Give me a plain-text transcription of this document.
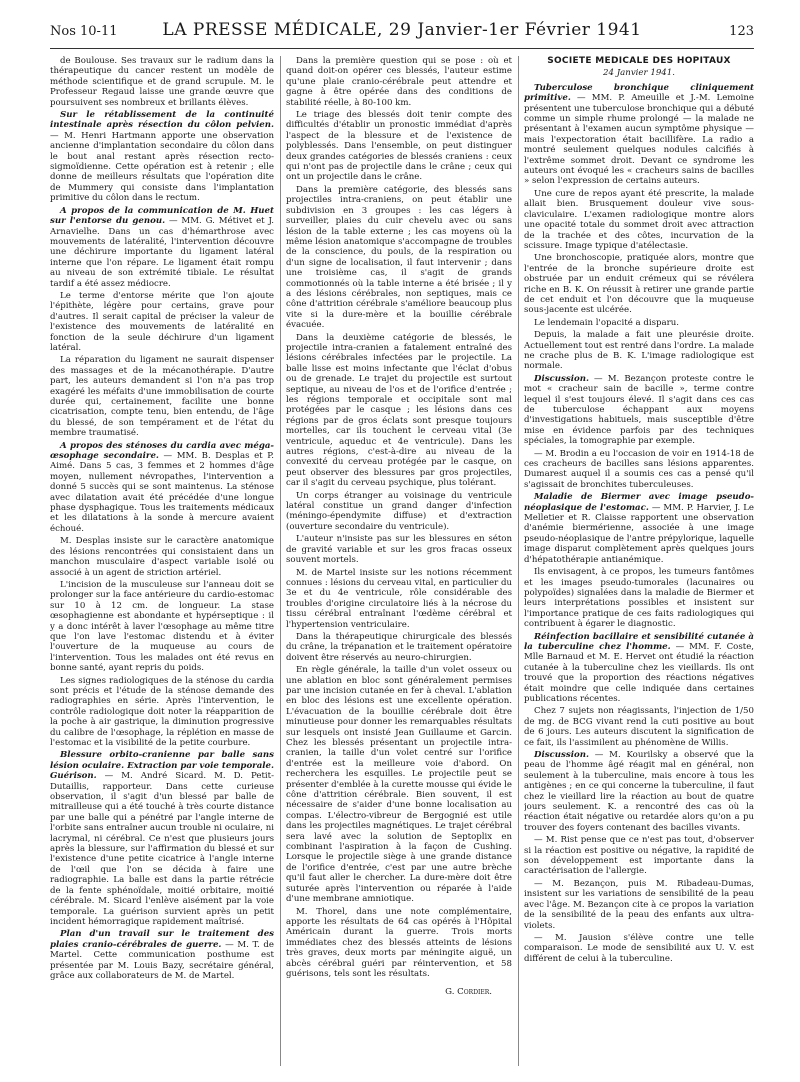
Nos 10-11	LA PRESSE MÉDICALE, 29 Janvier-1er Février 1941	123

de Boulouse. Ses travaux sur le radium dans la thérapeutique du cancer restent un modèle de méthode scientifique et de grand scrupule. M. le Professeur Regaud laisse une grande œuvre que poursuivent ses nombreux et brillants élèves.

Sur le rétablissement de la continuité intestinale après résection du côlon pelvien. — M. Henri Hartmann apporte une observation ancienne d'implantation secondaire du côlon dans le bout anal restant après résection recto-sigmoïdienne. Cette opération est à retenir ; elle donne de meilleurs résultats que l'opération dite de Mummery qui consiste dans l'implantation primitive du côlon dans le rectum.

A propos de la communication de M. Huet sur l'entorse du genou. — MM. G. Métivet et J. Arnavielhe. Dans un cas d'hémarthrose avec mouvements de latéralité, l'intervention découvre une déchirure importante du ligament latéral interne que l'on répare. Le ligament était rompu au niveau de son extrémité tibiale. Le résultat tardif a été assez médiocre.

Le terme d'entorse mérite que l'on ajoute l'épithète, légère pour certains, grave pour d'autres. Il serait capital de préciser la valeur de l'existence des mouvements de latéralité en fonction de la seule déchirure d'un ligament latéral.

La réparation du ligament ne saurait dispenser des massages et de la mécanothérapie. D'autre part, les auteurs demandent si l'on n'a pas trop exagéré les méfaits d'une immobilisation de courte durée qui, certainement, facilite une bonne cicatrisation, compte tenu, bien entendu, de l'âge du blessé, de son tempérament et de l'état du membre traumatisé.

A propos des sténoses du cardia avec méga-œsophage secondaire. — MM. B. Desplas et P. Aimé. Dans 5 cas, 3 femmes et 2 hommes d'âge moyen, nullement névropathes, l'intervention a donné 5 succès qui se sont maintenus. La sténose avec dilatation avait été précédée d'une longue phase dysphagique. Tous les traitements médicaux et les dilatations à la sonde à mercure avaient échoué.

M. Desplas insiste sur le caractère anatomique des lésions rencontrées qui consistaient dans un manchon musculaire d'aspect variable isolé ou associé à un agent de striction artériel.

L'incision de la musculeuse sur l'anneau doit se prolonger sur la face antérieure du cardio-estomac sur 10 à 12 cm. de longueur. La stase œsophagienne est abondante et hypérseptique : il y a donc intérêt à laver l'œsophage au même titre que l'on lave l'estomac distendu et à éviter l'ouverture de la muqueuse au cours de l'intervention. Tous les malades ont été revus en bonne santé, ayant repris du poids.

Les signes radiologiques de la sténose du cardia sont précis et l'étude de la sténose demande des radiographies en série. Après l'intervention, le contrôle radiologique doit noter la réapparition de la poche à air gastrique, la diminution progressive du calibre de l'œsophage, la réplétion en masse de l'estomac et la visibilité de la petite courbure.

Blessure orbito-cranienne par balle sans lésion oculaire. Extraction par voie temporale. Guérison. — M. André Sicard. M. D. Petit-Dutaillis, rapporteur. Dans cette curieuse observation, il s'agit d'un blessé par balle de mitrailleuse qui a été touché à très courte distance par une balle qui a pénétré par l'angle interne de l'orbite sans entraîner aucun trouble ni oculaire, ni lacrymal, ni cérébral. Ce n'est que plusieurs jours après la blessure, sur l'affirmation du blessé et sur l'existence d'une petite cicatrice à l'angle interne de l'œil que l'on se décida à faire une radiographie. La balle est dans la partie rétrécie de la fente sphénoïdale, moitié orbitaire, moitié cérébrale. M. Sicard l'enlève aisément par la voie temporale. La guérison survient après un petit incident hémorragique rapidement maîtrisé.

Plan d'un travail sur le traitement des plaies cranio-cérébrales de guerre. — M. T. de Martel. Cette communication posthume est présentée par M. Louis Bazy, secrétaire général, grâce aux collaborateurs de M. de Martel.

Dans la première question qui se pose : où et quand doit-on opérer ces blessés, l'auteur estime qu'une plaie cranio-cérébrale peut attendre et gagne à être opérée dans des conditions de stabilité réelle, à 80-100 km.

Le triage des blessés doit tenir compte des difficultés d'établir un pronostic immédiat d'après l'aspect de la blessure et de l'existence de polyblessés. Dans l'ensemble, on peut distinguer deux grandes catégories de blessés craniens : ceux qui n'ont pas de projectile dans le crâne ; ceux qui ont un projectile dans le crâne.

Dans la première catégorie, des blessés sans projectiles intra-craniens, on peut établir une subdivision en 3 groupes : les cas légers à surveiller, plaies du cuir chevelu avec ou sans lésion de la table externe ; les cas moyens où la même lésion anatomique s'accompagne de troubles de la conscience, du pouls, de la respiration ou d'un signe de localisation, il faut intervenir ; dans une troisième cas, il s'agit de grands commotionnés où la table interne a été brisée ; il y a des lésions cérébrales, non septiques, mais ce cône d'attrition cérébrale s'améliore beaucoup plus vite si la dure-mère et la bouillie cérébrale évacuée.

Dans la deuxième catégorie de blessés, le projectile intra-cranien a fatalement entraîné des lésions cérébrales infectées par le projectile. La balle lisse est moins infectante que l'éclat d'obus ou de grenade. Le trajet du projectile est surtout septique, au niveau de l'os et de l'orifice d'entrée ; les régions temporale et occipitale sont mal protégées par le casque ; les lésions dans ces régions par de gros éclats sont presque toujours mortelles, car ils touchent le cerveau vital (3e ventricule, aqueduc et 4e ventricule). Dans les autres régions, c'est-à-dire au niveau de la convexité du cerveau protégée par le casque, on peut observer des blessures par gros projectiles, car il s'agit du cerveau psychique, plus tolérant.

Un corps étranger au voisinage du ventricule latéral constitue un grand danger d'infection (méningo-épendymite diffuse) et d'extraction (ouverture secondaire du ventricule).

L'auteur n'insiste pas sur les blessures en séton de gravité variable et sur les gros fracas osseux souvent mortels.

M. de Martel insiste sur les notions récemment connues : lésions du cerveau vital, en particulier du 3e et du 4e ventricule, rôle considérable des troubles d'origine circulatoire liés à la nécrose du tissu cérébral entraînant l'œdème cérébral et l'hypertension ventriculaire.

Dans la thérapeutique chirurgicale des blessés du crâne, la trépanation et le traitement opératoire doivent être réservés au neuro-chirurgien.

En règle générale, la taille d'un volet osseux ou une ablation en bloc sont généralement permises par une incision cutanée en fer à cheval. L'ablation en bloc des lésions est une excellente opération. L'évacuation de la bouillie cérébrale doit être minutieuse pour donner les remarquables résultats sur lesquels ont insisté Jean Guillaume et Garcin. Chez les blessés présentant un projectile intra-cranien, la taille d'un volet centré sur l'orifice d'entrée est la meilleure voie d'abord. On recherchera les esquilles. Le projectile peut se présenter d'emblée à la curette mousse qui évide le cône d'attrition cérébrale. Bien souvent, il est nécessaire de s'aider d'une bonne localisation au compas. L'électro-vibreur de Bergognié est utile dans les projectiles magnétiques. Le trajet cérébral sera lavé avec la solution de Septoplix en combinant l'aspiration à la façon de Cushing. Lorsque le projectile siège à une grande distance de l'orifice d'entrée, c'est par une autre brèche qu'il faut aller le chercher. La dure-mère doit être suturée après l'intervention ou réparée à l'aide d'une membrane amniotique.

M. Thorel, dans une note complémentaire, apporte les résultats de 64 cas opérés à l'Hôpital Américain durant la guerre. Trois morts immédiates chez des blessés atteints de lésions très graves, deux morts par méningite aiguë, un abcès cérébral guéri par réintervention, et 58 guérisons, tels sont les résultats.

G. Cordier.
SOCIÉTÉ MÉDICALE DES HOPITAUX
24 Janvier 1941.

Tuberculose bronchique cliniquement primitive. — MM. P. Ameuille et J.-M. Lemoine présentent une tuberculose bronchique qui a débuté comme un simple rhume prolongé — la malade ne présentant à l'examen aucun symptôme physique — mais l'expectoration était bacillifère. La radio a montré seulement quelques nodules calcifiés à l'extrême sommet droit. Devant ce syndrome les auteurs ont évoqué les « cracheurs sains de bacilles » selon l'expression de certains auteurs.

Une cure de repos ayant été prescrite, la malade allait bien. Brusquement douleur vive sous-claviculaire. L'examen radiologique montre alors une opacité totale du sommet droit avec attraction de la trachée et des côtes, incurvation de la scissure. Image typique d'atélectasie.

Une bronchoscopie, pratiquée alors, montre que l'entrée de la bronche supérieure droite est obstruée par un enduit crémeux qui se révélera riche en B. K. On réussit à retirer une grande partie de cet enduit et l'on découvre que la muqueuse sous-jacente est ulcérée.

Le lendemain l'opacité a disparu.

Depuis, la malade a fait une pleurésie droite. Actuellement tout est rentré dans l'ordre. La malade ne crache plus de B. K. L'image radiologique est normale.

Discussion. — M. Bezançon proteste contre le mot « cracheur sain de bacille », terme contre lequel il s'est toujours élevé. Il s'agit dans ces cas de tuberculose échappant aux moyens d'investigations habituels, mais susceptible d'être mise en évidence parfois par des techniques spéciales, la tomographie par exemple.

— M. Brodin a eu l'occasion de voir en 1914-18 de ces cracheurs de bacilles sans lésions apparentes. Dumarest auquel il a soumis ces cas a pensé qu'il s'agissait de bronchites tuberculeuses.

Maladie de Biermer avec image pseudo-néoplasique de l'estomac. — MM. P. Harvier, J. Le Melletier et R. Claisse rapportent une observation d'anémie biermérienne, associée à une image pseudo-néoplasique de l'antre prépylorique, laquelle image disparut complètement après quelques jours d'hépatothérapie antianémique.

Ils envisagent, à ce propos, les tumeurs fantômes et les images pseudo-tumorales (lacunaires ou polypoïdes) signalées dans la maladie de Biermer et leurs interprétations possibles et insistent sur l'importance pratique de ces faits radiologiques qui contribuent à égarer le diagnostic.

Réinfection bacillaire et sensibilité cutanée à la tuberculine chez l'homme. — MM. F. Coste, Mlle Barnaud et M. E. Hervet ont étudié la réaction cutanée à la tuberculine chez les vieillards. Ils ont trouvé que la proportion des réactions négatives était moindre que celle indiquée dans certaines publications récentes.

Chez 7 sujets non réagissants, l'injection de 1/50 de mg. de BCG vivant rend la cuti positive au bout de 6 jours. Les auteurs discutent la signification de ce fait, ils l'assimilent au phénomène de Willis.

Discussion. — M. Kourilsky a observé que la peau de l'homme âgé réagit mal en général, non seulement à la tuberculine, mais encore à tous les antigènes ; en ce qui concerne la tuberculine, il faut chez le vieillard lire la réaction au bout de quatre jours seulement. K. a rencontré des cas où la réaction était négative ou retardée alors qu'on a pu trouver des foyers contenant des bacilles vivants.

— M. Rist pense que ce n'est pas tout, d'observer si la réaction est positive ou négative, la rapidité de son développement est importante dans la caractérisation de l'allergie.

— M. Bezançon, puis M. Ribadeau-Dumas, insistent sur les variations de sensibilité de la peau avec l'âge. M. Bezançon cite à ce propos la variation de la sensibilité de la peau des enfants aux ultra-violets.

— M. Jausion s'élève contre une telle comparaison. Le mode de sensibilité aux U. V. est différent de celui à la tuberculine.
